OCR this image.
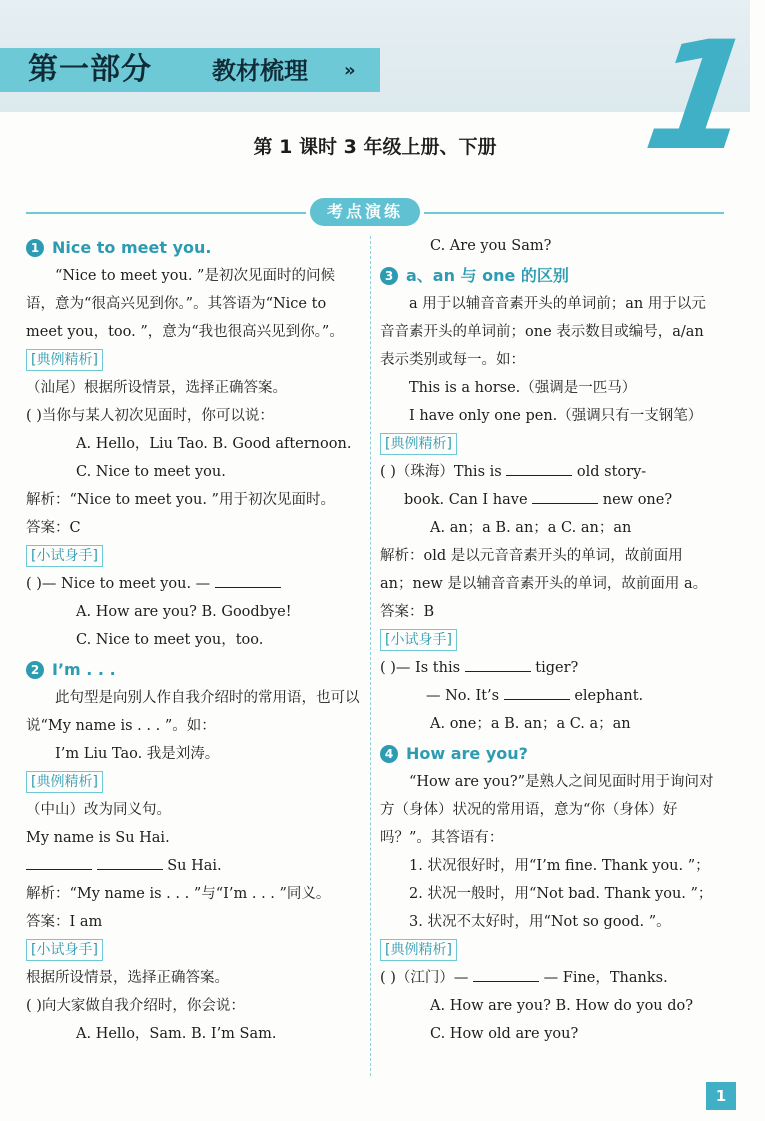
第一部分	教材梳理 » 1
第 1 课时 3 年级上册、下册
考点演练
1 Nice to meet you.

“Nice to meet you. ”是初次见面时的问候语，意为“很高兴见到你。”。其答语为“Nice to meet you，too. ”，意为“我也很高兴见到你。”。

[典例精析]

（汕尾）根据所设情景，选择正确答案。

( )当你与某人初次见面时，你可以说：

A. Hello，Liu Tao. B. Good afternoon.

C. Nice to meet you.

解析：“Nice to meet you. ”用于初次见面时。

答案：C

[小试身手]

( )— Nice to meet you. —

A. How are you? B. Goodbye!

C. Nice to meet you，too.

2 I’m . . .

此句型是向别人作自我介绍时的常用语，也可以说“My name is . . . ”。如：

I’m Liu Tao. 我是刘涛。

[典例精析]

（中山）改为同义句。

My name is Su Hai.

Su Hai.

解析：“My name is . . . ”与“I’m . . . ”同义。

答案：I am

[小试身手]

根据所设情景，选择正确答案。

( )向大家做自我介绍时，你会说：

A. Hello，Sam. B. I’m Sam.

C. Are you Sam?

3 a、an 与 one 的区别

a 用于以辅音音素开头的单词前；an 用于以元音音素开头的单词前；one 表示数目或编号，a/an 表示类别或每一。如：

This is a horse.（强调是一匹马）

I have only one pen.（强调只有一支钢笔）

[典例精析]

( )（珠海）This is	old story-

book. Can I have	new one?

A. an；a B. an；a C. an；an

解析：old 是以元音音素开头的单词，故前面用 an；new 是以辅音音素开头的单词，故前面用 a。

答案：B

[小试身手]

( )— Is this	tiger?

— No. It’s	elephant.

A. one；a B. an；a C. a；an

4 How are you?

“How are you?”是熟人之间见面时用于询问对方（身体）状况的常用语，意为“你（身体）好吗？”。其答语有：

1. 状况很好时，用“I’m fine. Thank you. ”；

2. 状况一般时，用“Not bad. Thank you. ”；

3. 状况不太好时，用“Not so good. ”。

[典例精析]

( )（江门）—	— Fine，Thanks.

A. How are you? B. How do you do?

C. How old are you?

1
